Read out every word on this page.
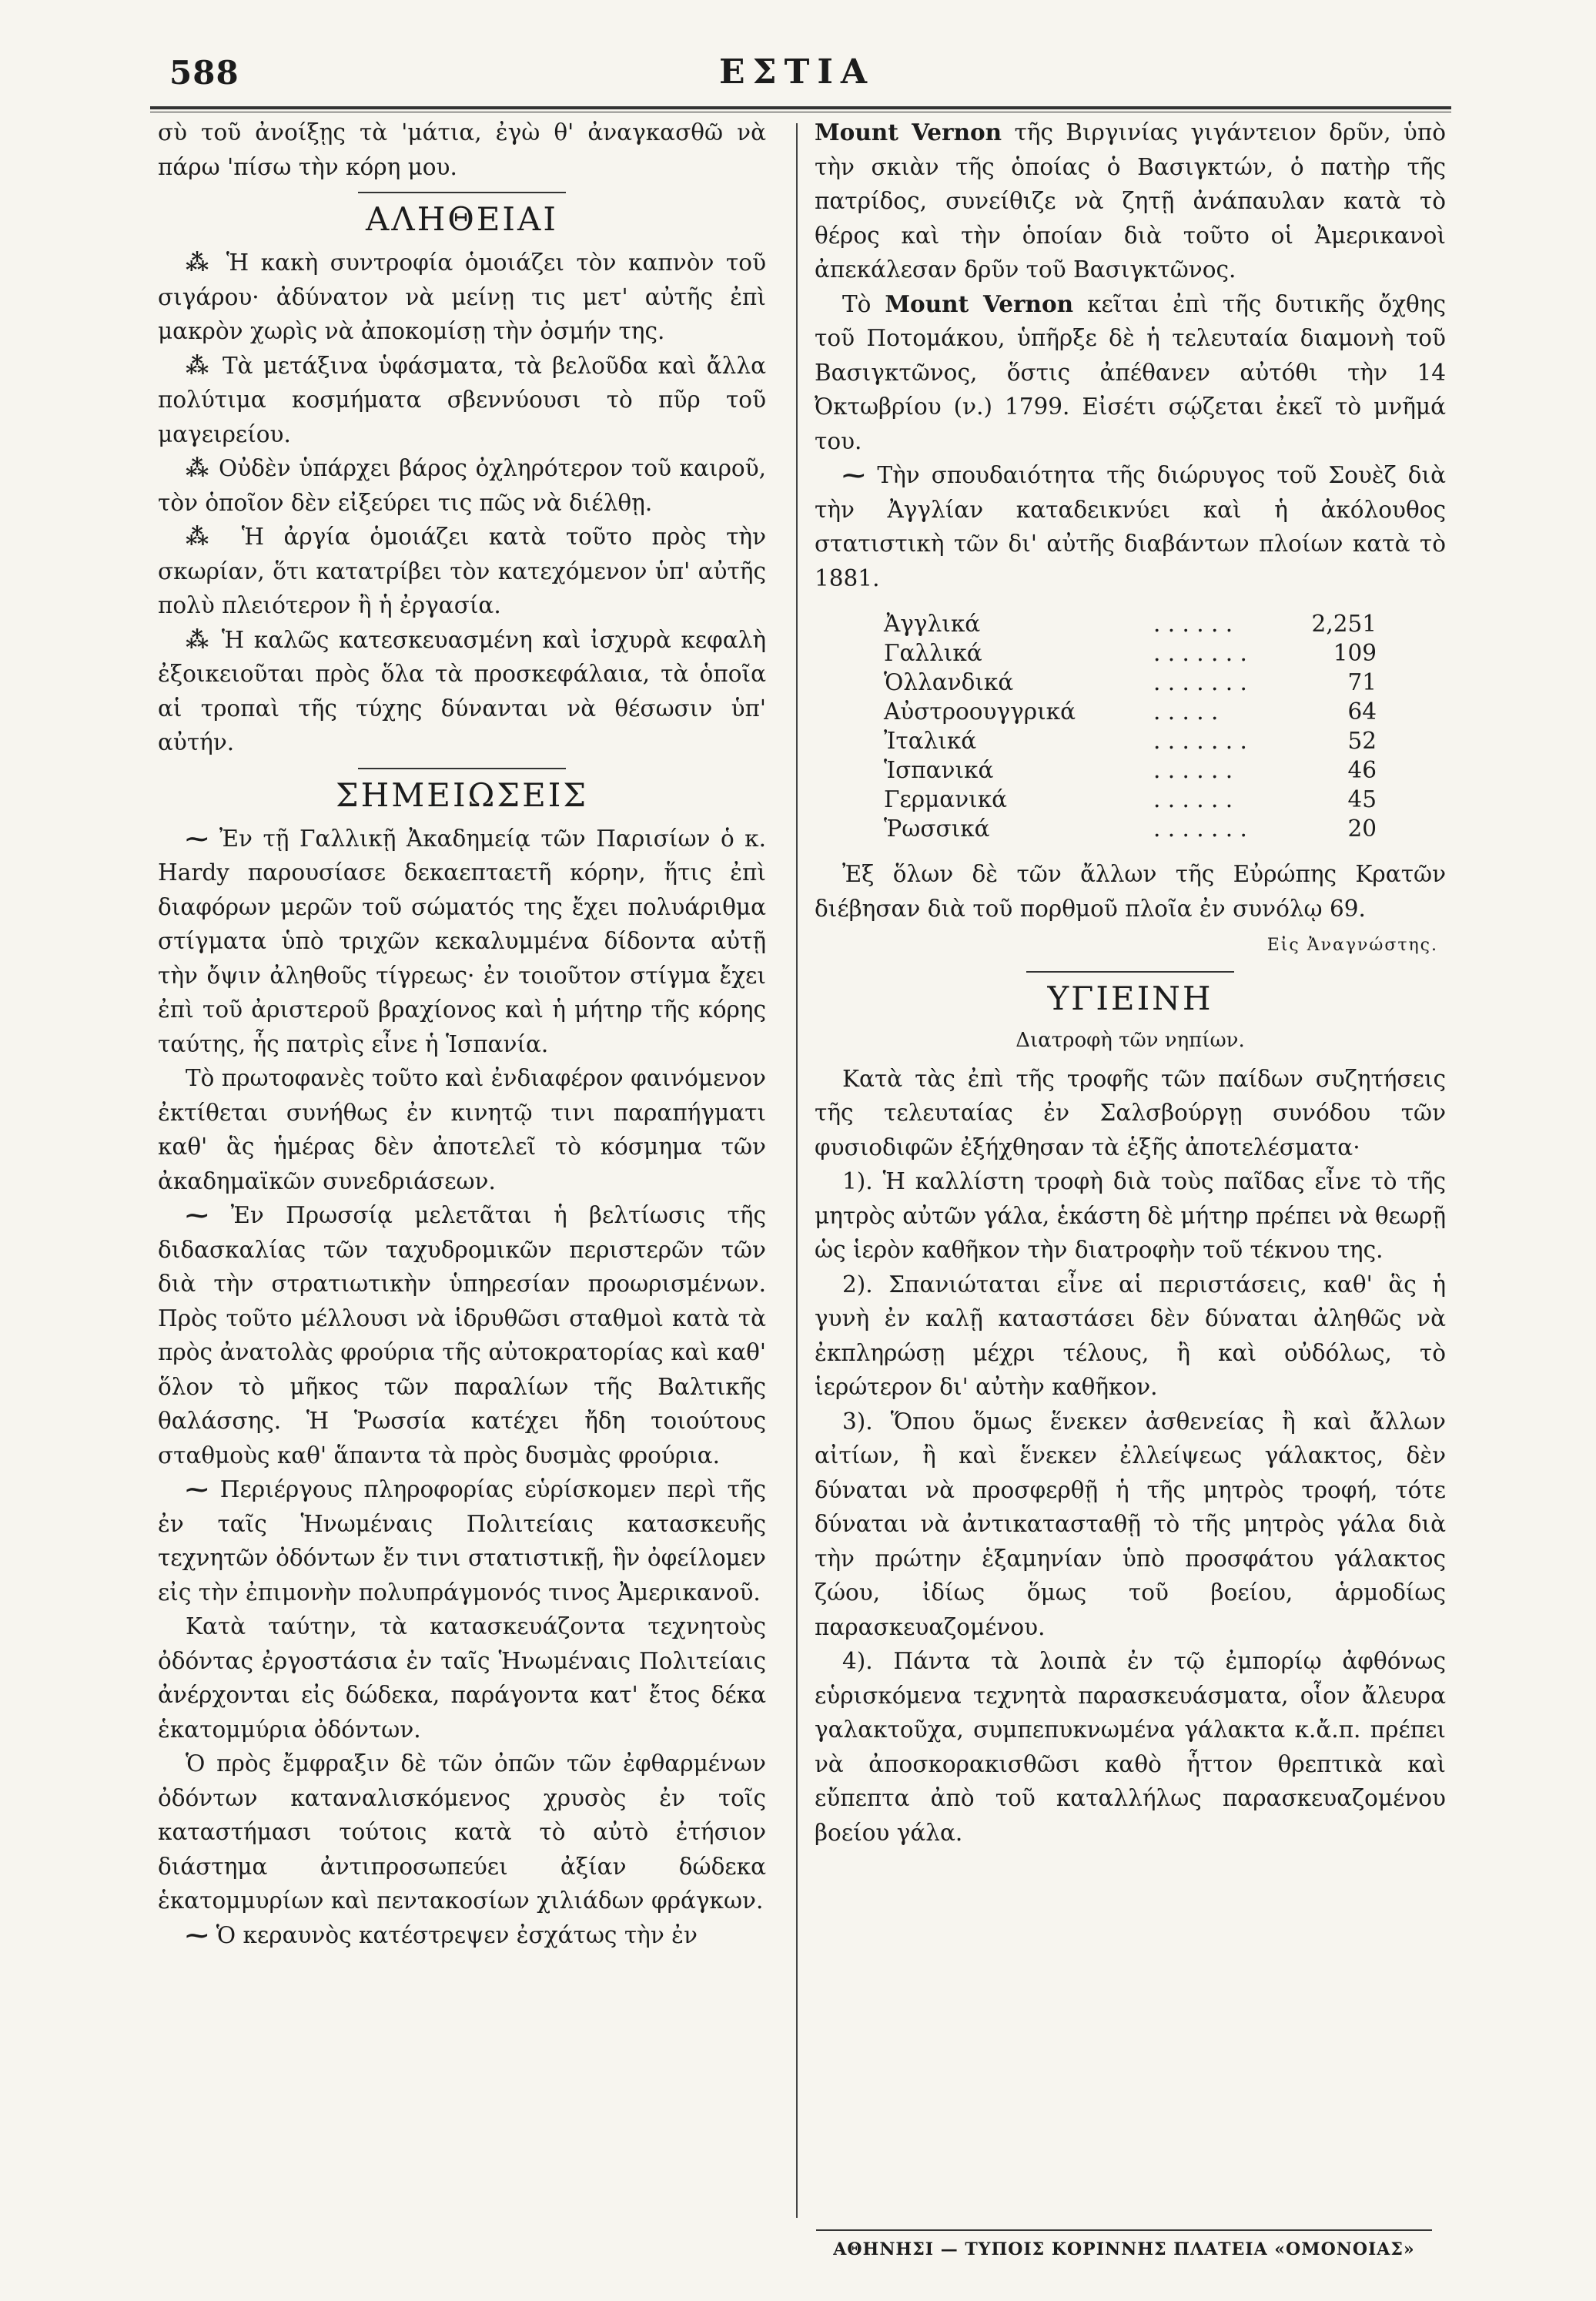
588	ΕΣΤΙΑ

σὺ τοῦ ἀνοίξῃς τὰ 'μάτια, ἐγὼ θ' ἀναγκασθῶ νὰ πάρω 'πίσω τὴν κόρη μου.

ΑΛΗΘΕΙΑΙ

⁂ Ἡ κακὴ συντροφία ὁμοιάζει τὸν καπνὸν τοῦ σιγάρου· ἀδύνατον νὰ μείνῃ τις μετ' αὐτῆς ἐπὶ μακρὸν χωρὶς νὰ ἀποκομίσῃ τὴν ὀσμήν της.

⁂ Τὰ μετάξινα ὑφάσματα, τὰ βελοῦδα καὶ ἄλλα πολύτιμα κοσμήματα σβεννύουσι τὸ πῦρ τοῦ μαγειρείου.

⁂ Οὐδὲν ὑπάρχει βάρος ὀχληρότερον τοῦ καιροῦ, τὸν ὁποῖον δὲν εἰξεύρει τις πῶς νὰ διέλθῃ.

⁂ Ἡ ἀργία ὁμοιάζει κατὰ τοῦτο πρὸς τὴν σκωρίαν, ὅτι κατατρίβει τὸν κατεχόμενον ὑπ' αὐτῆς πολὺ πλειότερον ἢ ἡ ἐργασία.

⁂ Ἡ καλῶς κατεσκευασμένη καὶ ἰσχυρὰ κεφαλὴ ἐξοικειοῦται πρὸς ὅλα τὰ προσκεφάλαια, τὰ ὁποῖα αἱ τροπαὶ τῆς τύχης δύνανται νὰ θέσωσιν ὑπ' αὐτήν.

ΣΗΜΕΙΩΣΕΙΣ

⁓ Ἐν τῇ Γαλλικῇ Ἀκαδημείᾳ τῶν Παρισίων ὁ κ. Hardy παρουσίασε δεκαεπταετῆ κόρην, ἥτις ἐπὶ διαφόρων μερῶν τοῦ σώματός της ἔχει πολυάριθμα στίγματα ὑπὸ τριχῶν κεκαλυμμένα δίδοντα αὐτῇ τὴν ὄψιν ἀληθοῦς τίγρεως· ἐν τοιοῦτον στίγμα ἔχει ἐπὶ τοῦ ἀριστεροῦ βραχίονος καὶ ἡ μήτηρ τῆς κόρης ταύτης, ἧς πατρὶς εἶνε ἡ Ἱσπανία.

Τὸ πρωτοφανὲς τοῦτο καὶ ἐνδιαφέρον φαινόμενον ἐκτίθεται συνήθως ἐν κινητῷ τινι παραπήγματι καθ' ἃς ἡμέρας δὲν ἀποτελεῖ τὸ κόσμημα τῶν ἀκαδημαϊκῶν συνεδριάσεων.

⁓ Ἐν Πρωσσίᾳ μελετᾶται ἡ βελτίωσις τῆς διδασκαλίας τῶν ταχυδρομικῶν περιστερῶν τῶν διὰ τὴν στρατιωτικὴν ὑπηρεσίαν προωρισμένων. Πρὸς τοῦτο μέλλουσι νὰ ἱδρυθῶσι σταθμοὶ κατὰ τὰ πρὸς ἀνατολὰς φρούρια τῆς αὐτοκρατορίας καὶ καθ' ὅλον τὸ μῆκος τῶν παραλίων τῆς Βαλτικῆς θαλάσσης. Ἡ Ῥωσσία κατέχει ἤδη τοιούτους σταθμοὺς καθ' ἅπαντα τὰ πρὸς δυσμὰς φρούρια.

⁓ Περιέργους πληροφορίας εὑρίσκομεν περὶ τῆς ἐν ταῖς Ἡνωμέναις Πολιτείαις κατασκευῆς τεχνητῶν ὀδόντων ἔν τινι στατιστικῇ, ἣν ὀφείλομεν εἰς τὴν ἐπιμονὴν πολυπράγμονός τινος Ἀμερικανοῦ.

Κατὰ ταύτην, τὰ κατασκευάζοντα τεχνητοὺς ὀδόντας ἐργοστάσια ἐν ταῖς Ἡνωμέναις Πολιτείαις ἀνέρχονται εἰς δώδεκα, παράγοντα κατ' ἔτος δέκα ἑκατομμύρια ὀδόντων.

Ὁ πρὸς ἔμφραξιν δὲ τῶν ὀπῶν τῶν ἐφθαρμένων ὀδόντων καταναλισκόμενος χρυσὸς ἐν τοῖς καταστήμασι τούτοις κατὰ τὸ αὐτὸ ἐτήσιον διάστημα ἀντιπροσωπεύει ἀξίαν δώδεκα ἑκατομμυρίων καὶ πεντακοσίων χιλιάδων φράγκων.

⁓ Ὁ κεραυνὸς κατέστρεψεν ἐσχάτως τὴν ἐν

Mount Vernon τῆς Βιργινίας γιγάντειον δρῦν, ὑπὸ τὴν σκιὰν τῆς ὁποίας ὁ Βασιγκτών, ὁ πατὴρ τῆς πατρίδος, συνείθιζε νὰ ζητῇ ἀνάπαυλαν κατὰ τὸ θέρος καὶ τὴν ὁποίαν διὰ τοῦτο οἱ Ἀμερικανοὶ ἀπεκάλεσαν δρῦν τοῦ Βασιγκτῶνος.

Τὸ Mount Vernon κεῖται ἐπὶ τῆς δυτικῆς ὄχθης τοῦ Ποτομάκου, ὑπῆρξε δὲ ἡ τελευταία διαμονὴ τοῦ Βασιγκτῶνος, ὅστις ἀπέθανεν αὐτόθι τὴν 14 Ὀκτωβρίου (ν.) 1799. Εἰσέτι σῴζεται ἐκεῖ τὸ μνῆμά του.

⁓ Τὴν σπουδαιότητα τῆς διώρυγος τοῦ Σουὲζ διὰ τὴν Ἀγγλίαν καταδεικνύει καὶ ἡ ἀκόλουθος στατιστικὴ τῶν δι' αὐτῆς διαβάντων πλοίων κατὰ τὸ 1881.

Ἀγγλικά	. . . . . .	2,251
Γαλλικά	. . . . . . .	109
Ὁλλανδικά	. . . . . . .	71
Αὐστροουγγρικά	. . . . .	64
Ἰταλικά	. . . . . . .	52
Ἱσπανικά	. . . . . .	46
Γερμανικά	. . . . . .	45
Ῥωσσικά	. . . . . . .	20

Ἐξ ὅλων δὲ τῶν ἄλλων τῆς Εὐρώπης Κρατῶν διέβησαν διὰ τοῦ πορθμοῦ πλοῖα ἐν συνόλῳ 69.

Εἰς Ἀναγνώστης.
ΥΓΙΕΙΝΗ
Διατροφὴ τῶν νηπίων.

Κατὰ τὰς ἐπὶ τῆς τροφῆς τῶν παίδων συζητήσεις τῆς τελευταίας ἐν Σαλσβούργῃ συνόδου τῶν φυσιοδιφῶν ἐξήχθησαν τὰ ἑξῆς ἀποτελέσματα·

1). Ἡ καλλίστη τροφὴ διὰ τοὺς παῖδας εἶνε τὸ τῆς μητρὸς αὐτῶν γάλα, ἑκάστη δὲ μήτηρ πρέπει νὰ θεωρῇ ὡς ἱερὸν καθῆκον τὴν διατροφὴν τοῦ τέκνου της.

2). Σπανιώταται εἶνε αἱ περιστάσεις, καθ' ἃς ἡ γυνὴ ἐν καλῇ καταστάσει δὲν δύναται ἀληθῶς νὰ ἐκπληρώσῃ μέχρι τέλους, ἢ καὶ οὐδόλως, τὸ ἱερώτερον δι' αὐτὴν καθῆκον.

3). Ὅπου ὅμως ἕνεκεν ἀσθενείας ἢ καὶ ἄλλων αἰτίων, ἢ καὶ ἕνεκεν ἐλλείψεως γάλακτος, δὲν δύναται νὰ προσφερθῇ ἡ τῆς μητρὸς τροφή, τότε δύναται νὰ ἀντικατασταθῇ τὸ τῆς μητρὸς γάλα διὰ τὴν πρώτην ἑξαμηνίαν ὑπὸ προσφάτου γάλακτος ζώου, ἰδίως ὅμως τοῦ βοείου, ἁρμοδίως παρασκευαζομένου.

4). Πάντα τὰ λοιπὰ ἐν τῷ ἐμπορίῳ ἀφθόνως εὑρισκόμενα τεχνητὰ παρασκευάσματα, οἷον ἄλευρα γαλακτοῦχα, συμπεπυκνωμένα γάλακτα κ.ἄ.π. πρέπει νὰ ἀποσκορακισθῶσι καθὸ ἧττον θρεπτικὰ καὶ εὔπεπτα ἀπὸ τοῦ καταλλήλως παρασκευαζομένου βοείου γάλα.

ΑΘΗΝΗΣΙ — ΤΥΠΟΙΣ ΚΟΡΙΝΝΗΣ ΠΛΑΤΕΙΑ «ΟΜΟΝΟΙΑΣ»
